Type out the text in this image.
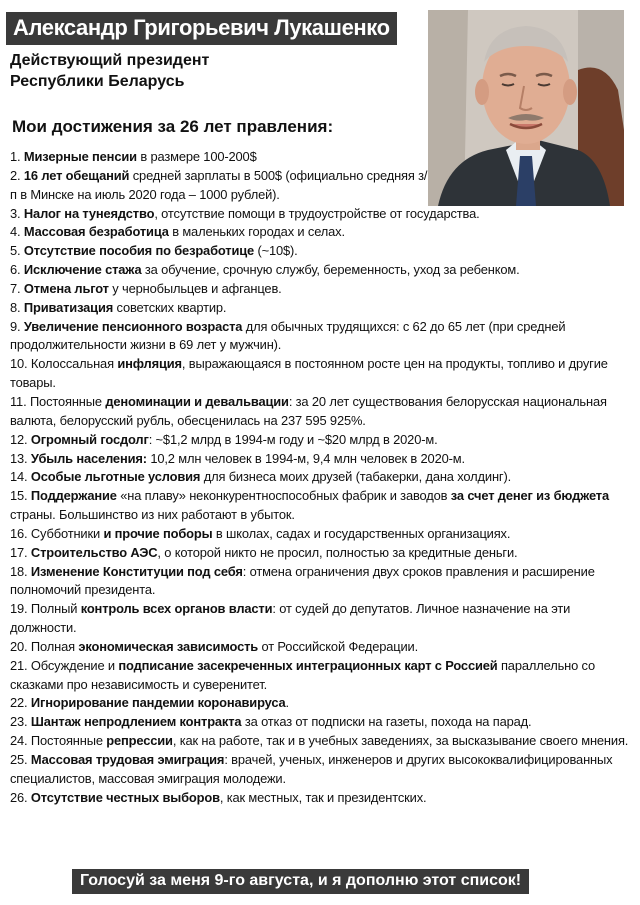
Александр Григорьевич Лукашенко
Действующий президент
Республики Беларусь
Мои достижения за 26 лет правления:
1. Мизерные пенсии в размере 100-200$
2. 16 лет обещаний средней зарплаты в 500$ (официально средняя з/п в Минске на июль 2020 года – 1000 рублей).
3. Налог на тунеядство, отсутствие помощи в трудоустройстве от государства.
4. Массовая безработица в маленьких городах и селах.
5. Отсутствие пособия по безработице (~10$).
6. Исключение стажа за обучение, срочную службу, беременность, уход за ребенком.
7. Отмена льгот у чернобыльцев и афганцев.
8. Приватизация советских квартир.
9. Увеличение пенсионного возраста для обычных трудящихся: с 62 до 65 лет (при средней продолжительности жизни в 69 лет у мужчин).
10. Колоссальная инфляция, выражающаяся в постоянном росте цен на продукты, топливо и другие товары.
11. Постоянные деноминации и девальвации: за 20 лет существования белорусская национальная валюта, белорусский рубль, обесценилась на 237 595 925%.
12. Огромный госдолг: ~$1,2 млрд в 1994-м году и ~$20 млрд в 2020-м.
13. Убыль населения: 10,2 млн человек в 1994-м, 9,4 млн человек в 2020-м.
14. Особые льготные условия для бизнеса моих друзей (табакерки, дана холдинг).
15. Поддержание «на плаву» неконкурентноспособных фабрик и заводов за счет денег из бюджета страны. Большинство из них работают в убыток.
16. Субботники и прочие поборы в школах, садах и государственных организациях.
17. Строительство АЭС, о которой никто не просил, полностью за кредитные деньги.
18. Изменение Конституции под себя: отмена ограничения двух сроков правления и расширение полномочий президента.
19. Полный контроль всех органов власти: от судей до депутатов. Личное назначение на эти должности.
20. Полная экономическая зависимость от Российской Федерации.
21. Обсуждение и подписание засекреченных интеграционных карт с Россией параллельно со сказками про независимость и суверенитет.
22. Игнорирование пандемии коронавируса.
23. Шантаж непродлением контракта за отказ от подписки на газеты, похода на парад.
24. Постоянные репрессии, как на работе, так и в учебных заведениях, за высказывание своего мнения.
25. Массовая трудовая эмиграция: врачей, ученых, инженеров и других высококвалифицированных специалистов, массовая эмиграция молодежи.
26. Отсутствие честных выборов, как местных, так и президентских.
Голосуй за меня 9-го августа, и я дополню этот список!
